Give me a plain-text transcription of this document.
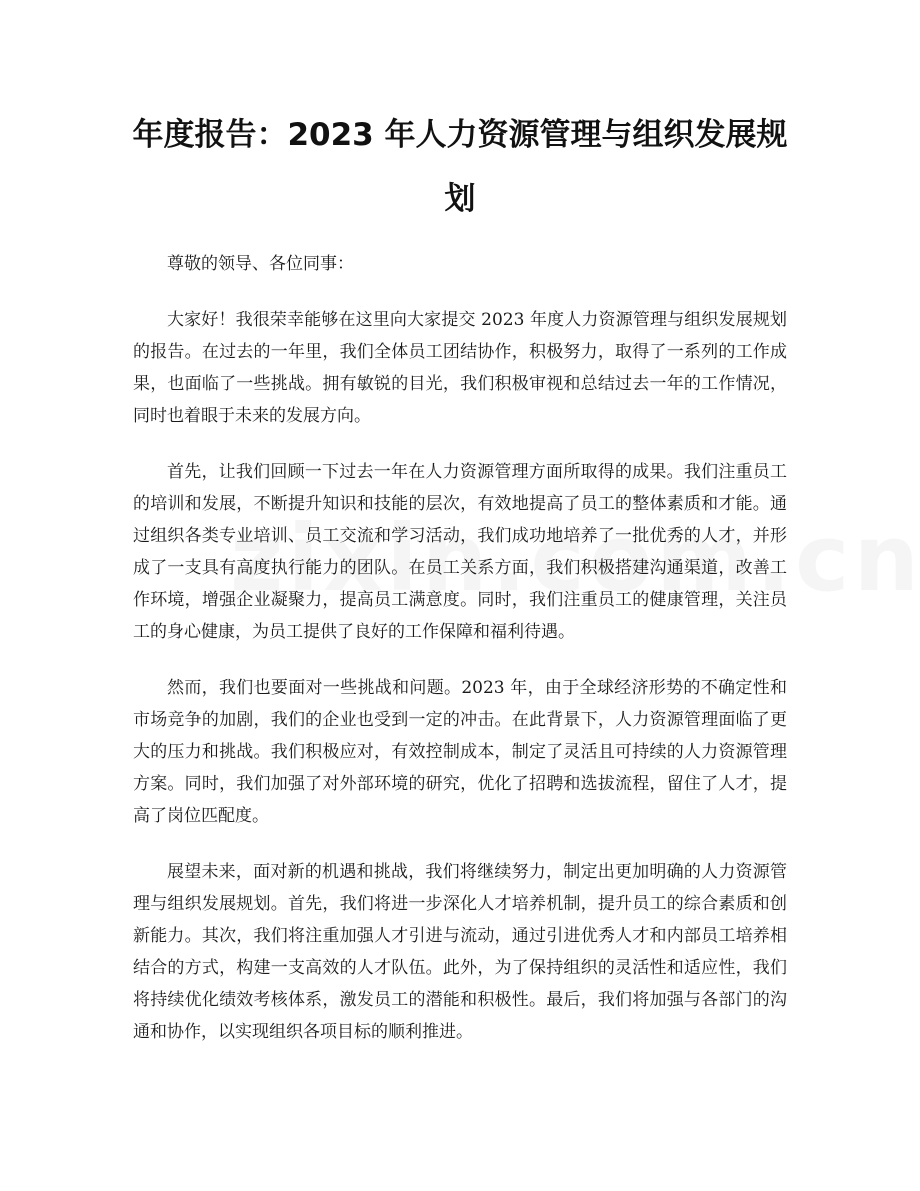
年度报告：2023 年人力资源管理与组织发展规划

尊敬的领导、各位同事：

大家好！我很荣幸能够在这里向大家提交 2023 年度人力资源管理与组织发展规划的报告。在过去的一年里，我们全体员工团结协作，积极努力，取得了一系列的工作成果，也面临了一些挑战。拥有敏锐的目光，我们积极审视和总结过去一年的工作情况，同时也着眼于未来的发展方向。

首先，让我们回顾一下过去一年在人力资源管理方面所取得的成果。我们注重员工的培训和发展，不断提升知识和技能的层次，有效地提高了员工的整体素质和才能。通过组织各类专业培训、员工交流和学习活动，我们成功地培养了一批优秀的人才，并形成了一支具有高度执行能力的团队。在员工关系方面，我们积极搭建沟通渠道，改善工作环境，增强企业凝聚力，提高员工满意度。同时，我们注重员工的健康管理，关注员工的身心健康，为员工提供了良好的工作保障和福利待遇。

然而，我们也要面对一些挑战和问题。2023 年，由于全球经济形势的不确定性和市场竞争的加剧，我们的企业也受到一定的冲击。在此背景下，人力资源管理面临了更大的压力和挑战。我们积极应对，有效控制成本，制定了灵活且可持续的人力资源管理方案。同时，我们加强了对外部环境的研究，优化了招聘和选拔流程，留住了人才，提高了岗位匹配度。

展望未来，面对新的机遇和挑战，我们将继续努力，制定出更加明确的人力资源管理与组织发展规划。首先，我们将进一步深化人才培养机制，提升员工的综合素质和创新能力。其次，我们将注重加强人才引进与流动，通过引进优秀人才和内部员工培养相结合的方式，构建一支高效的人才队伍。此外，为了保持组织的灵活性和适应性，我们将持续优化绩效考核体系，激发员工的潜能和积极性。最后，我们将加强与各部门的沟通和协作，以实现组织各项目标的顺利推进。
